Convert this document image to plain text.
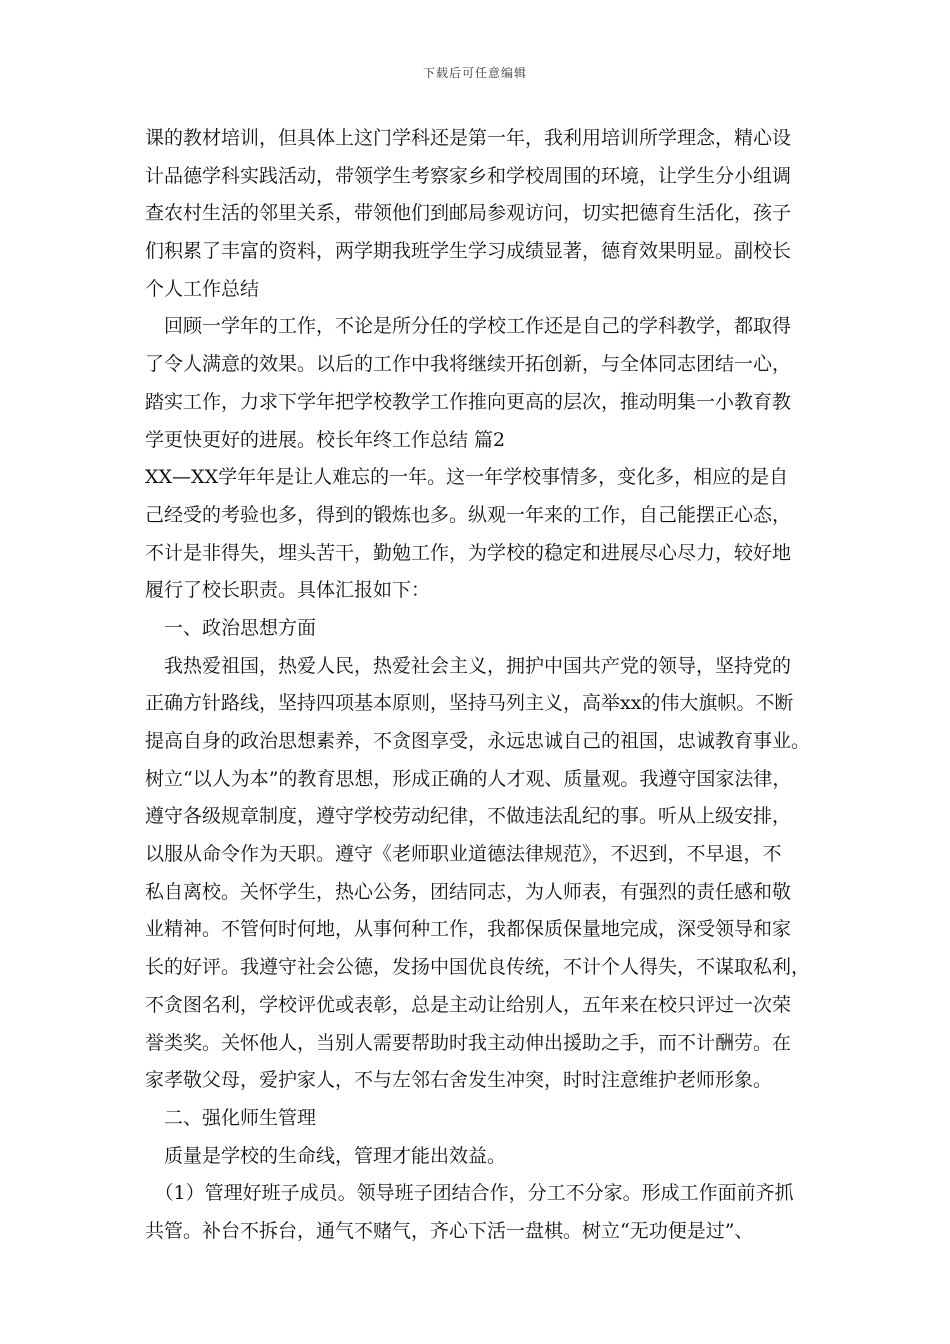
下载后可任意编辑
课的教材培训，但具体上这门学科还是第一年，我利用培训所学理念，精心设
计品德学科实践活动，带领学生考察家乡和学校周围的环境，让学生分小组调
查农村生活的邻里关系，带领他们到邮局参观访问，切实把德育生活化，孩子
们积累了丰富的资料，两学期我班学生学习成绩显著，德育效果明显。副校长
个人工作总结
　回顾一学年的工作，不论是所分任的学校工作还是自己的学科教学，都取得
了令人满意的效果。以后的工作中我将继续开拓创新，与全体同志团结一心，
踏实工作，力求下学年把学校教学工作推向更高的层次，推动明集一小教育教
学更快更好的进展。校长年终工作总结 篇2
XX—XX学年年是让人难忘的一年。这一年学校事情多，变化多，相应的是自
己经受的考验也多，得到的锻炼也多。纵观一年来的工作，自己能摆正心态，
不计是非得失，埋头苦干，勤勉工作，为学校的稳定和进展尽心尽力，较好地
履行了校长职责。具体汇报如下：
　一、政治思想方面
　我热爱祖国，热爱人民，热爱社会主义，拥护中国共产党的领导，坚持党的
正确方针路线，坚持四项基本原则，坚持马列主义，高举xx的伟大旗帜。不断
提高自身的政治思想素养，不贪图享受，永远忠诚自己的祖国，忠诚教育事业。
树立“以人为本”的教育思想，形成正确的人才观、质量观。我遵守国家法律，
遵守各级规章制度，遵守学校劳动纪律，不做违法乱纪的事。听从上级安排，
以服从命令作为天职。遵守《老师职业道德法律规范》，不迟到，不早退，不
私自离校。关怀学生，热心公务，团结同志，为人师表，有强烈的责任感和敬
业精神。不管何时何地，从事何种工作，我都保质保量地完成，深受领导和家
长的好评。我遵守社会公德，发扬中国优良传统，不计个人得失，不谋取私利，
不贪图名利，学校评优或表彰，总是主动让给别人，五年来在校只评过一次荣
誉类奖。关怀他人，当别人需要帮助时我主动伸出援助之手，而不计酬劳。在
家孝敬父母，爱护家人，不与左邻右舍发生冲突，时时注意维护老师形象。
　二、强化师生管理
　质量是学校的生命线，管理才能出效益。
　（1）管理好班子成员。领导班子团结合作，分工不分家。形成工作面前齐抓
共管。补台不拆台，通气不赌气，齐心下活一盘棋。树立“无功便是过”、
